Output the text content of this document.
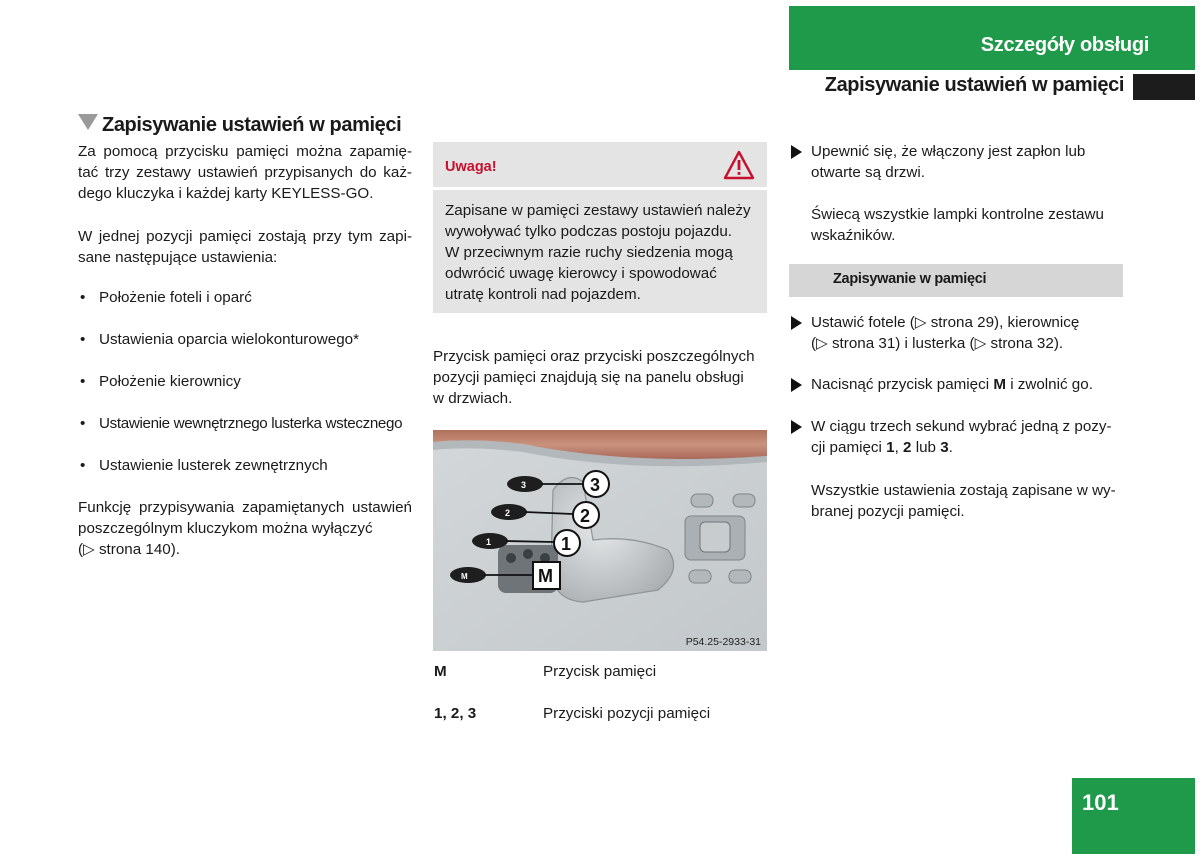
Szczegóły obsługi
Zapisywanie ustawień w pamięci
Zapisywanie ustawień w pamięci
Za pomocą przycisku pamięci można zapamię-
tać trzy zestawy ustawień przypisanych do każ-
dego kluczyka i każdej karty KEYLESS-GO.
W jednej pozycji pamięci zostają przy tym zapi-
sane następujące ustawienia:
• Położenie foteli i oparć
• Ustawienia oparcia wielokonturowego*
• Położenie kierownicy
• Ustawienie wewnętrznego lusterka wstecznego
• Ustawienie lusterek zewnętrznych
Funkcję przypisywania zapamiętanych ustawień
poszczególnym kluczykom można wyłączyć
(▷ strona 140).
Uwaga!
Zapisane w pamięci zestawy ustawień należy
wywoływać tylko podczas postoju pojazdu.
W przeciwnym razie ruchy siedzenia mogą
odwrócić uwagę kierowcy i spowodować
utratę kontroli nad pojazdem.
Przycisk pamięci oraz przyciski poszczególnych
pozycji pamięci znajdują się na panelu obsługi
w drzwiach.
3
2
1
M
3
2
1
M
P54.25-2933-31
M	Przycisk pamięci
1, 2, 3	Przyciski pozycji pamięci
Upewnić się, że włączony jest zapłon lub
otwarte są drzwi.
Świecą wszystkie lampki kontrolne zestawu
wskaźników.
Zapisywanie w pamięci
Ustawić fotele (▷ strona 29), kierownicę
(▷ strona 31) i lusterka (▷ strona 32).
Nacisnąć przycisk pamięci M i zwolnić go.
W ciągu trzech sekund wybrać jedną z pozy-
cji pamięci 1, 2 lub 3.
Wszystkie ustawienia zostają zapisane w wy-
branej pozycji pamięci.
101
